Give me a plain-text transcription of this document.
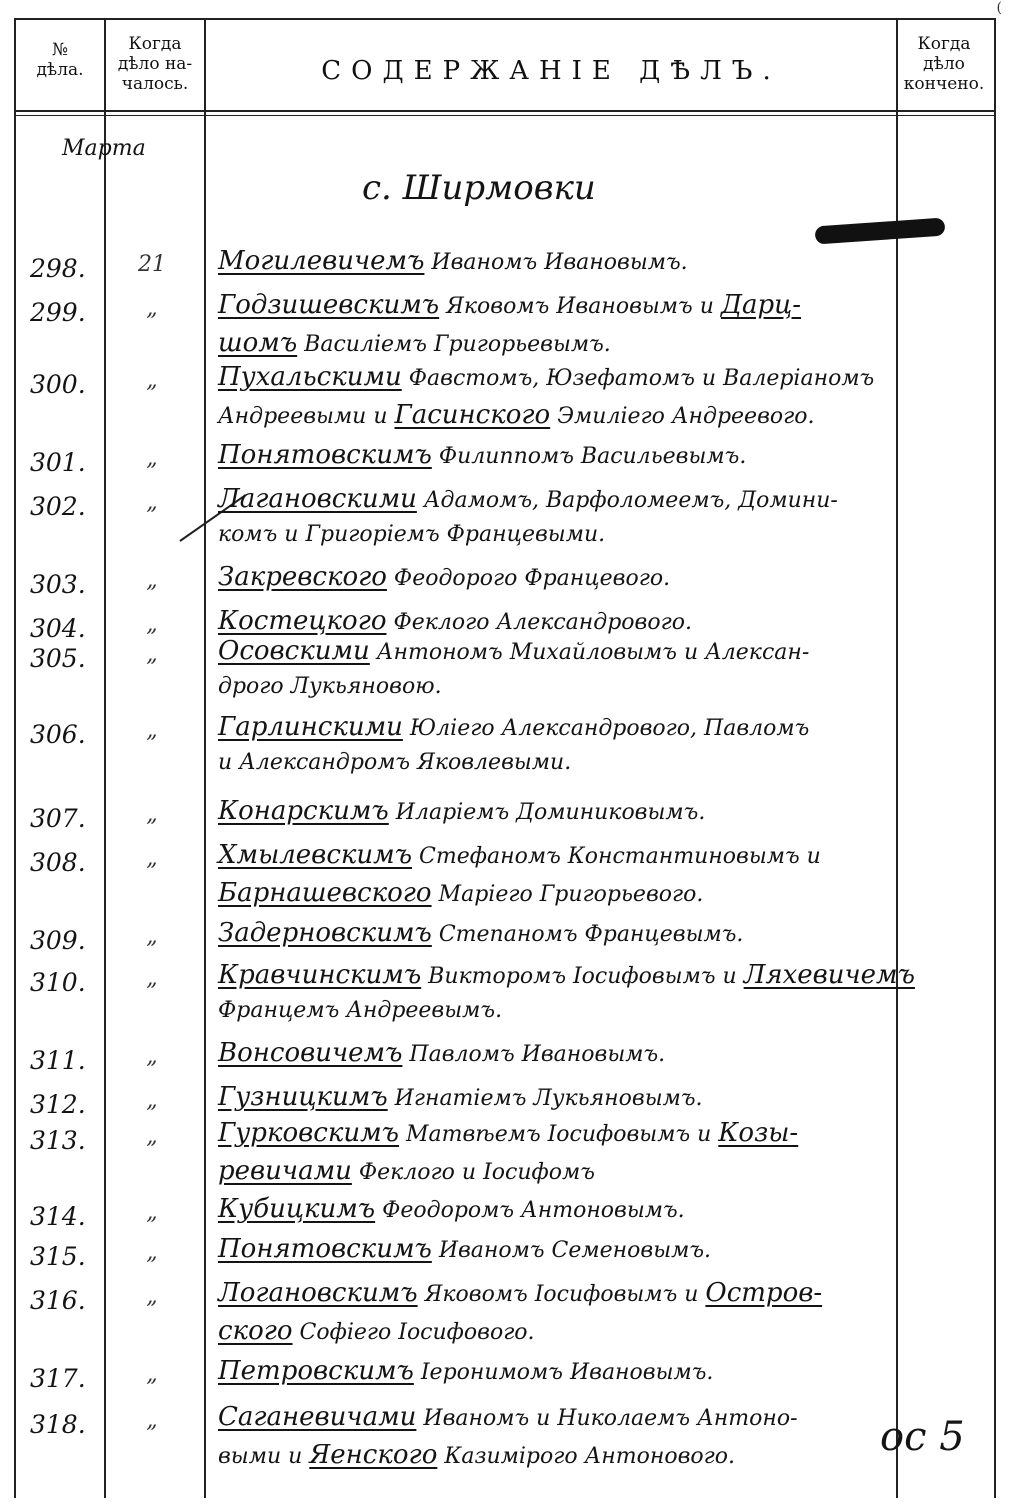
(
№
дѣла.
Когда
дѣло на-
чалось.	СОДЕРЖАНІЕ ДѢЛЪ.
Когда
дѣло
кончено.
Марта
с. Ширмовки
ос 5
298.	21	Могилевичемъ Иваномъ Ивановымъ.
299.	„	Годзишевскимъ Яковомъ Ивановымъ и Дарц-
шомъ Василіемъ Григорьевымъ.
300.	„	Пухальскими Фавстомъ, Юзефатомъ и Валеріаномъ
Андреевыми и Гасинского Эмиліего Андреевого.
301.	„	Понятовскимъ Филиппомъ Васильевымъ.
302.	„	Лагановскими Адамомъ, Варфоломеемъ, Домини-
комъ и Григоріемъ Францевыми.
303.	„	Закревского Феодорого Францевого.
304.	„	Костецкого Феклого Александрового.
305.	„	Осовскими Антономъ Михайловымъ и Алексан-
дрого Лукьяновою.
306.	„	Гарлинскими Юліего Александрового, Павломъ
и Александромъ Яковлевыми.
307.	„	Конарскимъ Иларіемъ Доминиковымъ.
308.	„	Хмылевскимъ Стефаномъ Константиновымъ и
Барнашевского Маріего Григорьевого.
309.	„	Задерновскимъ Степаномъ Францевымъ.
310.	„	Кравчинскимъ Викторомъ Іосифовымъ и Ляхевичемъ
Францемъ Андреевымъ.
311.	„	Вонсовичемъ Павломъ Ивановымъ.
312.	„	Гузницкимъ Игнатіемъ Лукьяновымъ.
313.	„	Гурковскимъ Матвѣемъ Іосифовымъ и Козы-
ревичами Феклого и Іосифомъ
314.	„	Кубицкимъ Феодоромъ Антоновымъ.
315.	„	Понятовскимъ Иваномъ Семеновымъ.
316.	„	Логановскимъ Яковомъ Іосифовымъ и Остров-
ского Софіего Іосифового.
317.	„	Петровскимъ Іеронимомъ Ивановымъ.
318.	„	Саганевичами Иваномъ и Николаемъ Антоно-
выми и Яенского Казимірого Антонового.
